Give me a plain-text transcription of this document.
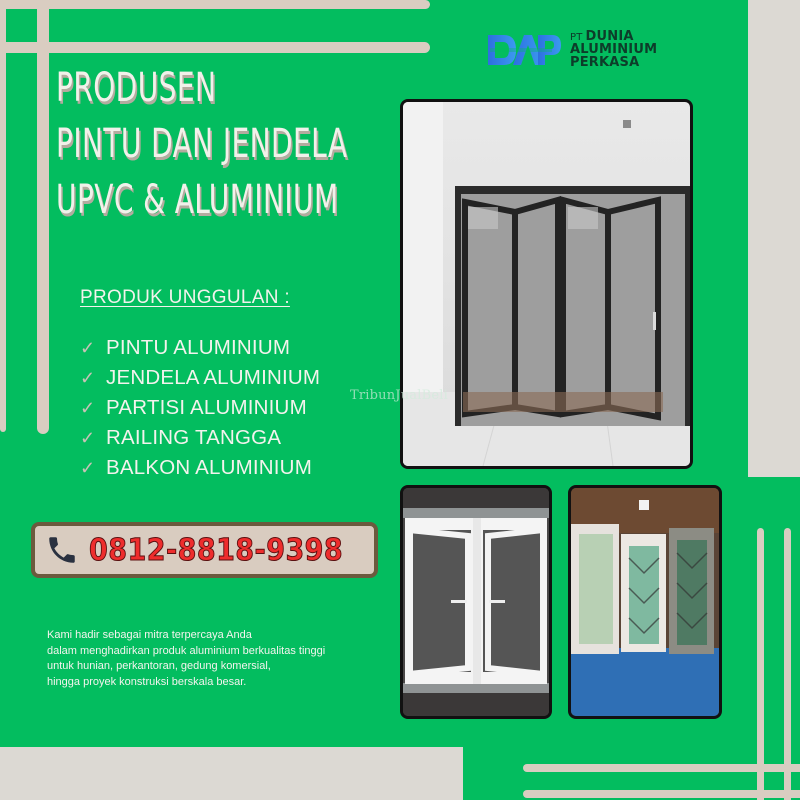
PT DUNIA
ALUMINIUM
PERKASA
PRODUSEN
PINTU DAN JENDELA
UPVC & ALUMINIUM
PRODUK UNGGULAN :
✓ PINTU ALUMINIUM
✓ JENDELA ALUMINIUM
✓ PARTISI ALUMINIUM
✓ RAILING TANGGA
✓ BALKON ALUMINIUM
0812-8818-9398
Kami hadir sebagai mitra terpercaya Anda
dalam menghadirkan produk aluminium berkualitas tinggi
untuk hunian, perkantoran, gedung komersial,
hingga proyek konstruksi berskala besar.
TribunJualBeli
